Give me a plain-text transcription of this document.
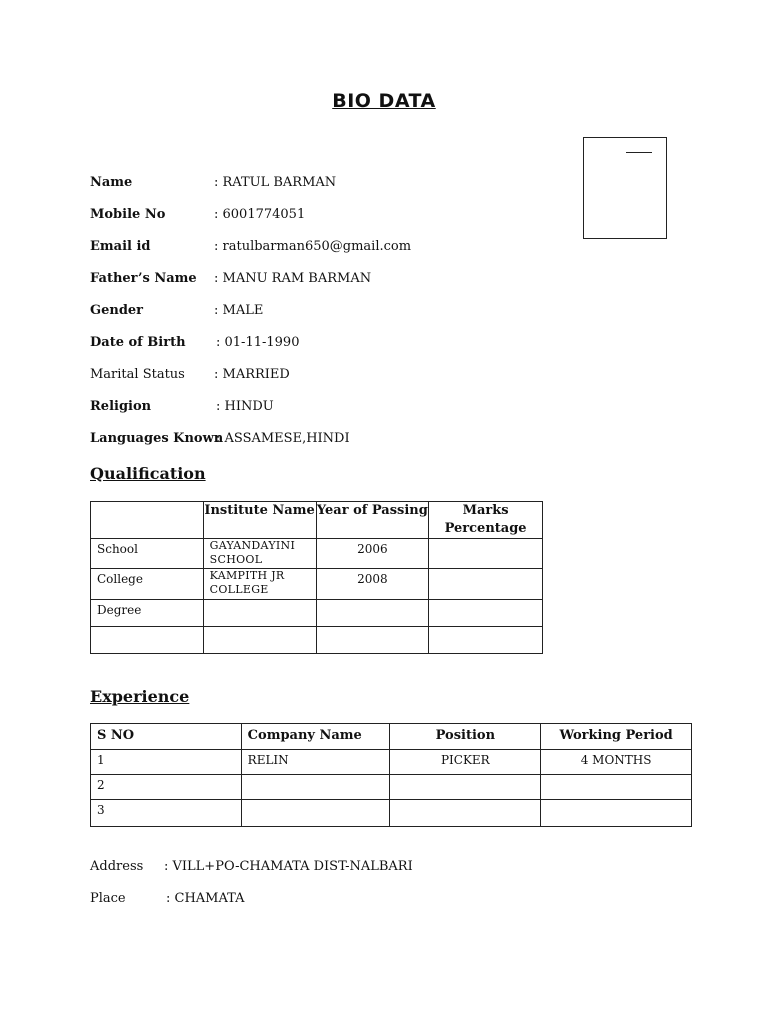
BIO DATA
Name	: RATUL BARMAN
Mobile No	: 6001774051
Email id	: ratulbarman650@gmail.com
Father’s Name : MANU RAM BARMAN
Gender	: MALE
Date of Birth : 01-11-1990
Marital Status : MARRIED
Religion	: HINDU
Languages Known
: ASSAMESE,HINDI
Qualification
	Institute Name	Year of Passing	Marks Percentage
School	GAYANDAYINI SCHOOL	2006	
College	KAMPITH JR COLLEGE	2008	
Degree			

Experience
S NO	Company Name	Position	Working Period
1	RELIN	PICKER	4 MONTHS
2			
3			
Address : VILL+PO-CHAMATA DIST-NALBARI
Place	: CHAMATA
